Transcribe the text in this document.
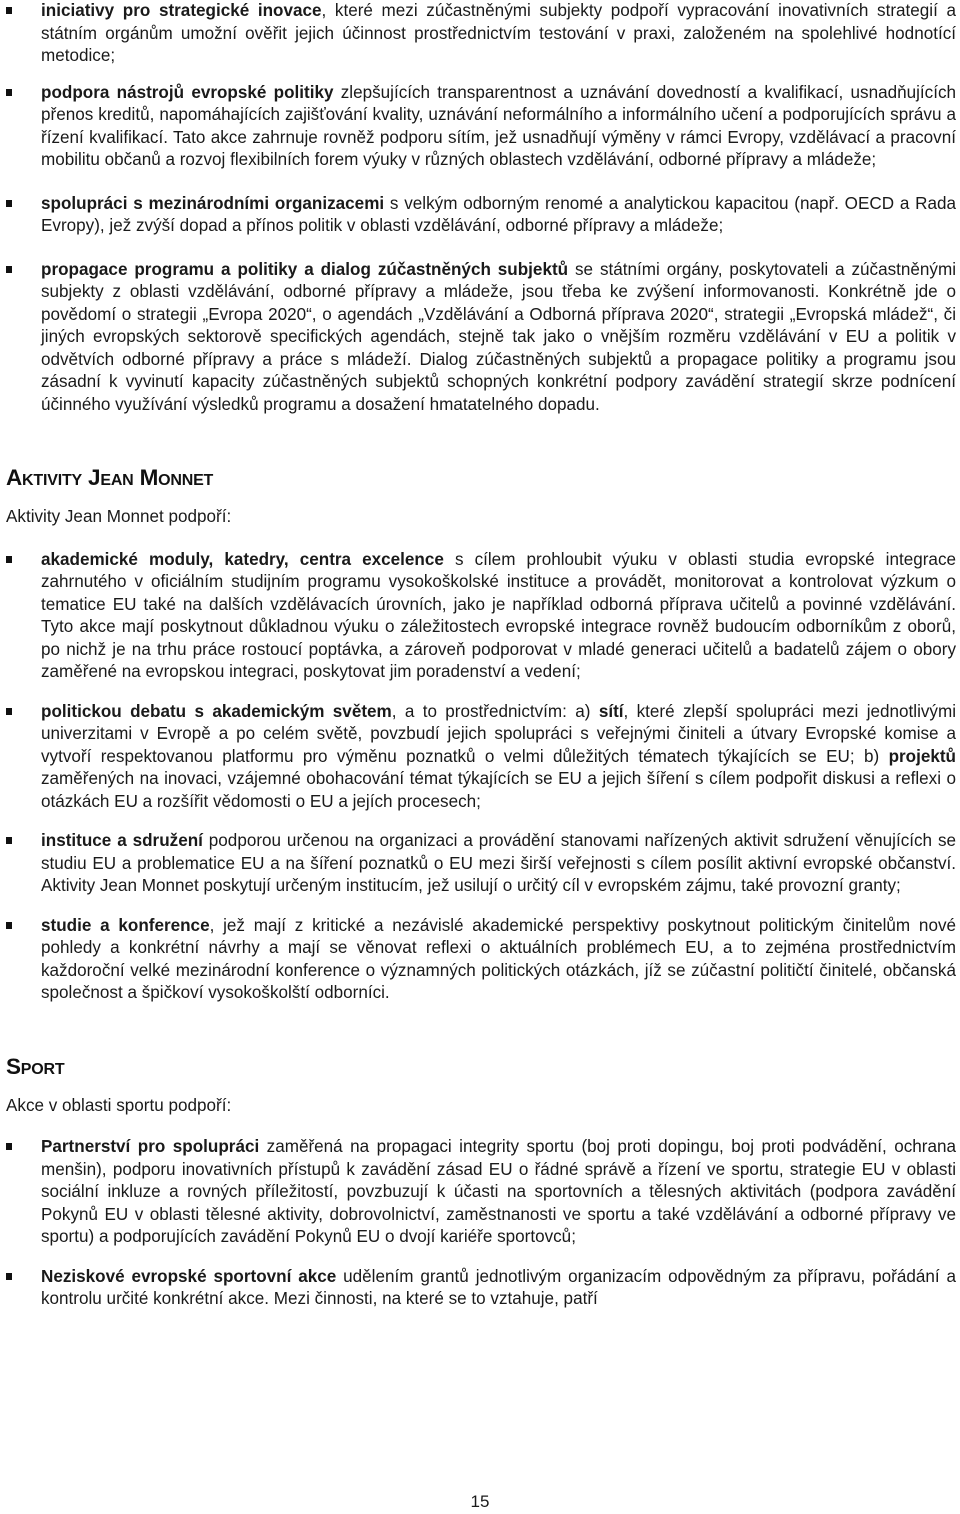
iniciativy pro strategické inovace, které mezi zúčastněnými subjekty podpoří vypracování inovativních strategií a státním orgánům umožní ověřit jejich účinnost prostřednictvím testování v praxi, založeném na spolehlivé hodnotící metodice;
podpora nástrojů evropské politiky zlepšujících transparentnost a uznávání dovedností a kvalifikací, usnadňujících přenos kreditů, napomáhajících zajišťování kvality, uznávání neformálního a informálního učení a podporujících správu a řízení kvalifikací. Tato akce zahrnuje rovněž podporu sítím, jež usnadňují výměny v rámci Evropy, vzdělávací a pracovní mobilitu občanů a rozvoj flexibilních forem výuky v různých oblastech vzdělávání, odborné přípravy a mládeže;
spolupráci s mezinárodními organizacemi s velkým odborným renomé a analytickou kapacitou (např. OECD a Rada Evropy), jež zvýší dopad a přínos politik v oblasti vzdělávání, odborné přípravy a mládeže;
propagace programu a politiky a dialog zúčastněných subjektů se státními orgány, poskytovateli a zúčastněnými subjekty z oblasti vzdělávání, odborné přípravy a mládeže, jsou třeba ke zvýšení informovanosti. Konkrétně jde o povědomí o strategii „Evropa 2020“, o agendách „Vzdělávání a Odborná příprava 2020“, strategii „Evropská mládež“, či jiných evropských sektorově specifických agendách, stejně tak jako o vnějším rozměru vzdělávání v EU a politik v odvětvích odborné přípravy a práce s mládeží. Dialog zúčastněných subjektů a propagace politiky a programu jsou zásadní k vyvinutí kapacity zúčastněných subjektů schopných konkrétní podpory zavádění strategií skrze podnícení účinného využívání výsledků programu a dosažení hmatatelného dopadu.
Aktivity Jean Monnet

Aktivity Jean Monnet podpoří:

akademické moduly, katedry, centra excelence s cílem prohloubit výuku v oblasti studia evropské integrace zahrnutého v oficiálním studijním programu vysokoškolské instituce a provádět, monitorovat a kontrolovat výzkum o tematice EU také na dalších vzdělávacích úrovních, jako je například odborná příprava učitelů a povinné vzdělávání. Tyto akce mají poskytnout důkladnou výuku o záležitostech evropské integrace rovněž budoucím odborníkům z oborů, po nichž je na trhu práce rostoucí poptávka, a zároveň podporovat v mladé generaci učitelů a badatelů zájem o obory zaměřené na evropskou integraci, poskytovat jim poradenství a vedení;
politickou debatu s akademickým světem, a to prostřednictvím: a) sítí, které zlepší spolupráci mezi jednotlivými univerzitami v Evropě a po celém světě, povzbudí jejich spolupráci s veřejnými činiteli a útvary Evropské komise a vytvoří respektovanou platformu pro výměnu poznatků o velmi důležitých tématech týkajících se EU; b) projektů zaměřených na inovaci, vzájemné obohacování témat týkajících se EU a jejich šíření s cílem podpořit diskusi a reflexi o otázkách EU a rozšířit vědomosti o EU a jejích procesech;
instituce a sdružení podporou určenou na organizaci a provádění stanovami nařízených aktivit sdružení věnujících se studiu EU a problematice EU a na šíření poznatků o EU mezi širší veřejnosti s cílem posílit aktivní evropské občanství. Aktivity Jean Monnet poskytují určeným institucím, jež usilují o určitý cíl v evropském zájmu, také provozní granty;
studie a konference, jež mají z kritické a nezávislé akademické perspektivy poskytnout politickým činitelům nové pohledy a konkrétní návrhy a mají se věnovat reflexi o aktuálních problémech EU, a to zejména prostřednictvím každoroční velké mezinárodní konference o významných politických otázkách, jíž se zúčastní političtí činitelé, občanská společnost a špičkoví vysokoškolští odborníci.
Sport

Akce v oblasti sportu podpoří:

Partnerství pro spolupráci zaměřená na propagaci integrity sportu (boj proti dopingu, boj proti podvádění, ochrana menšin), podporu inovativních přístupů k zavádění zásad EU o řádné správě a řízení ve sportu, strategie EU v oblasti sociální inkluze a rovných příležitostí, povzbuzují k účasti na sportovních a tělesných aktivitách (podpora zavádění Pokynů EU v oblasti tělesné aktivity, dobrovolnictví, zaměstnanosti ve sportu a také vzdělávání a odborné přípravy ve sportu) a podporujících zavádění Pokynů EU o dvojí kariéře sportovců;
Neziskové evropské sportovní akce udělením grantů jednotlivým organizacím odpovědným za přípravu, pořádání a kontrolu určité konkrétní akce. Mezi činnosti, na které se to vztahuje, patří
15
